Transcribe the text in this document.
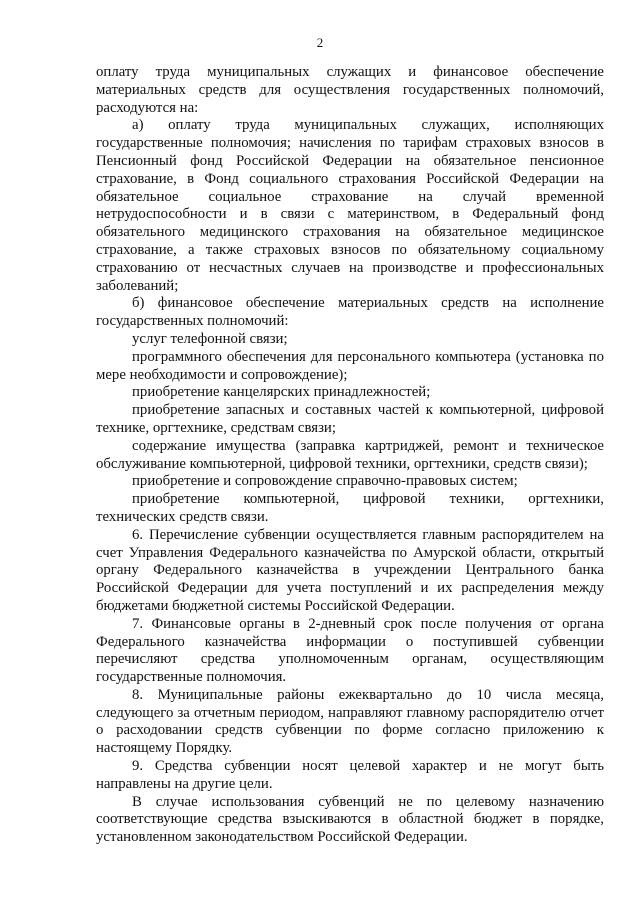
2

оплату труда муниципальных служащих и финансовое обеспечение материальных средств для осуществления государственных полномочий, расходуются на:

а) оплату труда муниципальных служащих, исполняющих государственные полномочия; начисления по тарифам страховых взносов в Пенсионный фонд Российской Федерации на обязательное пенсионное страхование, в Фонд социального страхования Российской Федерации на обязательное социальное страхование на случай временной нетрудоспособности и в связи с материнством, в Федеральный фонд обязательного медицинского страхования на обязательное медицинское страхование, а также страховых взносов по обязательному социальному страхованию от несчастных случаев на производстве и профессиональных заболеваний;

б) финансовое обеспечение материальных средств на исполнение государственных полномочий:

услуг телефонной связи;

программного обеспечения для персонального компьютера (установка по мере необходимости и сопровождение);

приобретение канцелярских принадлежностей;

приобретение запасных и составных частей к компьютерной, цифровой технике, оргтехнике, средствам связи;

содержание имущества (заправка картриджей, ремонт и техническое обслуживание компьютерной, цифровой техники, оргтехники, средств связи);

приобретение и сопровождение справочно-правовых систем;

приобретение компьютерной, цифровой техники, оргтехники, технических средств связи.

6. Перечисление субвенции осуществляется главным распорядителем на счет Управления Федерального казначейства по Амурской области, открытый органу Федерального казначейства в учреждении Центрального банка Российской Федерации для учета поступлений и их распределения между бюджетами бюджетной системы Российской Федерации.

7. Финансовые органы в 2-дневный срок после получения от органа Федерального казначейства информации о поступившей субвенции перечисляют средства уполномоченным органам, осуществляющим государственные полномочия.

8. Муниципальные районы ежеквартально до 10 числа месяца, следующего за отчетным периодом, направляют главному распорядителю отчет о расходовании средств субвенции по форме согласно приложению к настоящему Порядку.

9. Средства субвенции носят целевой характер и не могут быть направлены на другие цели.

В случае использования субвенций не по целевому назначению соответствующие средства взыскиваются в областной бюджет в порядке, установленном законодательством Российской Федерации.
